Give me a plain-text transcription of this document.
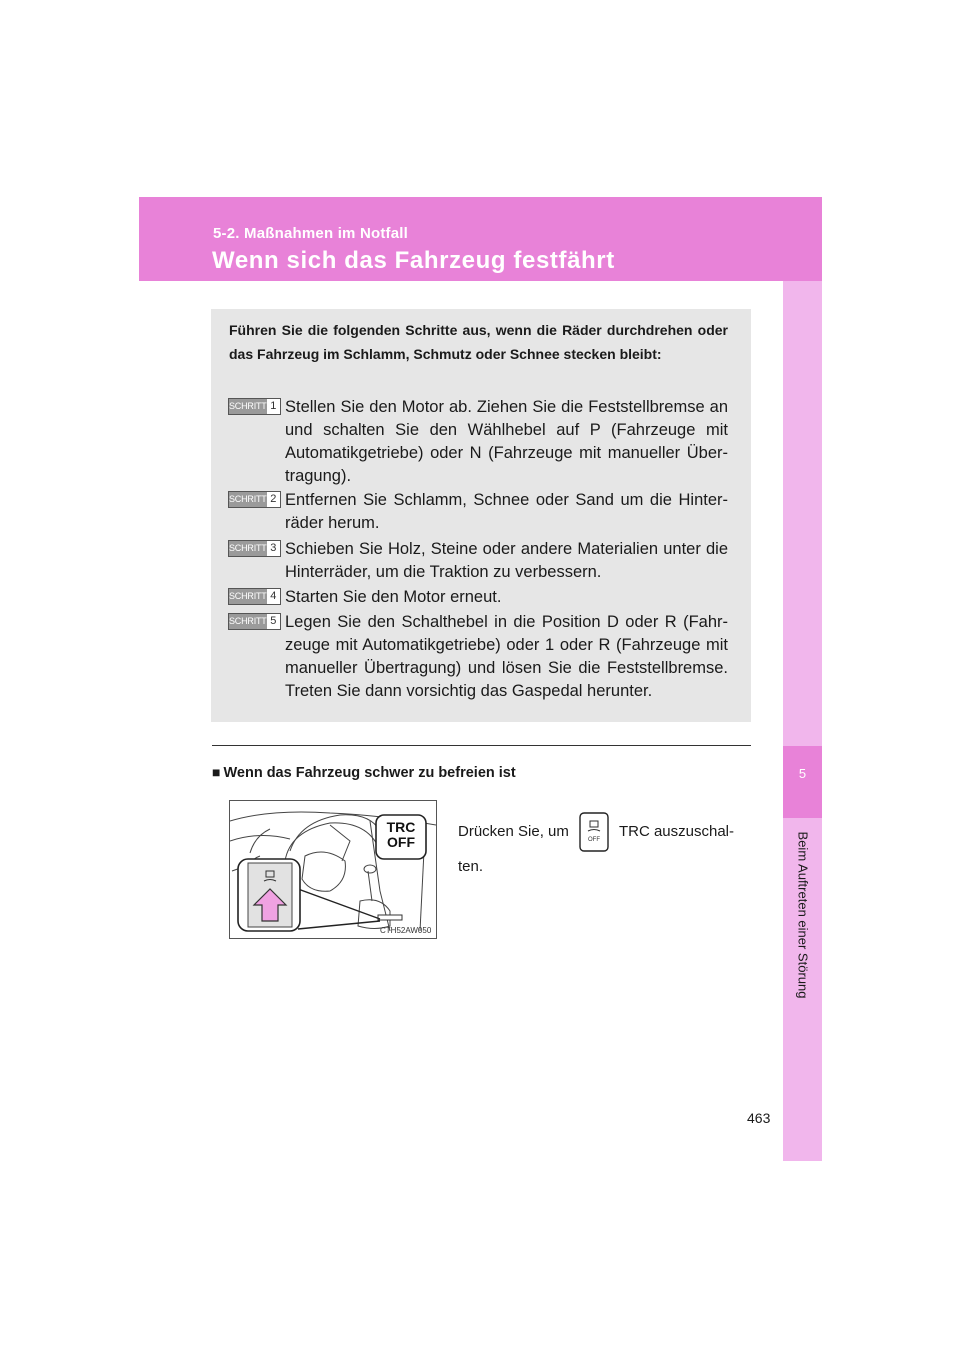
5-2. Maßnahmen im Notfall
Wenn sich das Fahrzeug festfährt
5
Beim Auftreten einer Störung
Führen Sie die folgenden Schritte aus, wenn die Räder durchdrehen oder das Fahrzeug im Schlamm, Schmutz oder Schnee stecken bleibt:
SCHRITT 1 Stellen Sie den Motor ab. Ziehen Sie die Feststellbremse an und schalten Sie den Wählhebel auf P (Fahrzeuge mit Automatikgetriebe) oder N (Fahrzeuge mit manueller Über-tragung).
SCHRITT 2 Entfernen Sie Schlamm, Schnee oder Sand um die Hinter-räder herum.
SCHRITT 3 Schieben Sie Holz, Steine oder andere Materialien unter die Hinterräder, um die Traktion zu verbessern.
SCHRITT 4 Starten Sie den Motor erneut.
SCHRITT 5 Legen Sie den Schalthebel in die Position D oder R (Fahr-zeuge mit Automatikgetriebe) oder 1 oder R (Fahrzeuge mit manueller Übertragung) und lösen Sie die Feststellbremse. Treten Sie dann vorsichtig das Gaspedal herunter.
■ Wenn das Fahrzeug schwer zu befreien ist
TRC
OFF
CTH52AW050
Drücken Sie, um
OFF
TRC auszuschal-ten.
463
